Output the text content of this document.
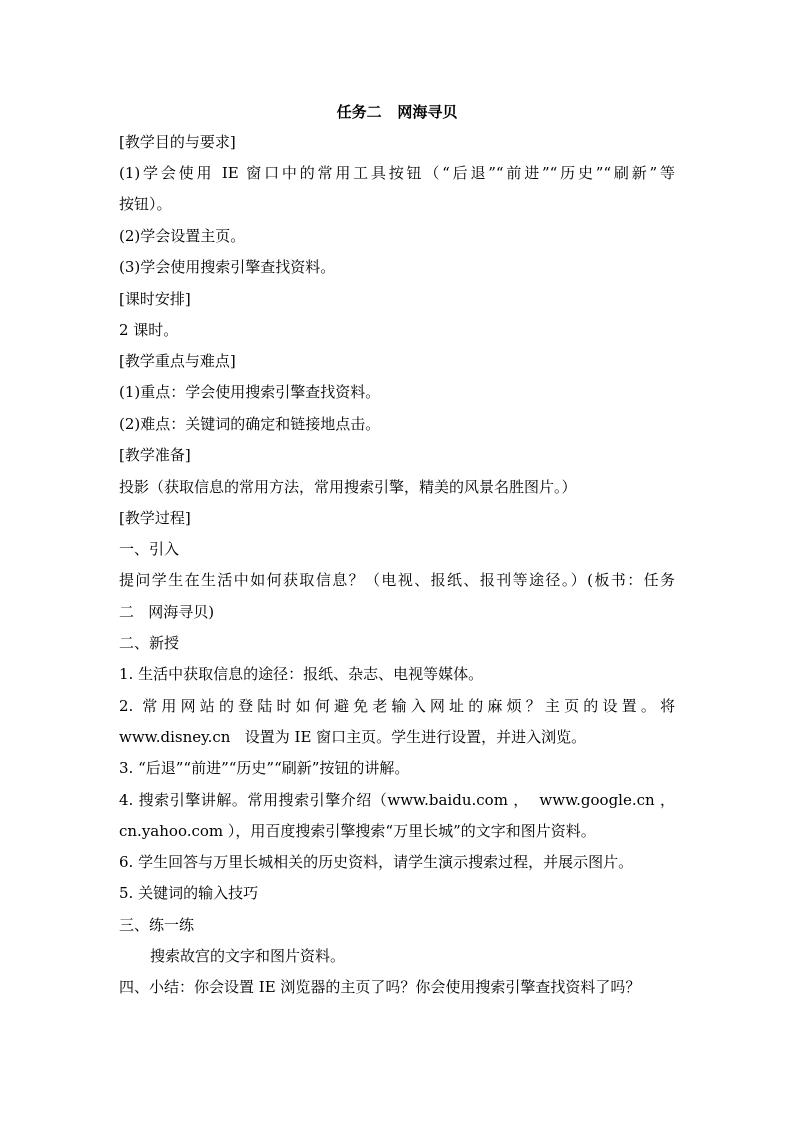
任务二   网海寻贝
[教学目的与要求]
(1)学会使用 IE 窗口中的常用工具按钮（“后退”“前进”“历史”“刷新”等
按钮）。
(2)学会设置主页。
(3)学会使用搜索引擎查找资料。
[课时安排]
2 课时。
[教学重点与难点]
(1)重点：学会使用搜索引擎查找资料。
(2)难点：关键词的确定和链接地点击。
[教学准备]
投影（获取信息的常用方法，常用搜索引擎，精美的风景名胜图片。）
[教学过程]
一、引入
提问学生在生活中如何获取信息？（电视、报纸、报刊等途径。）(板书：任务
二   网海寻贝)
二、新授
1. 生活中获取信息的途径：报纸、杂志、电视等媒体。
2. 常用网站的登陆时如何避免老输入网址的麻烦？主页的设置。将
www.disney.cn   设置为 IE 窗口主页。学生进行设置，并进入浏览。
3. “后退”“前进”“历史”“刷新”按钮的讲解。
4. 搜索引擎讲解。常用搜索引擎介绍（www.baidu.com ，  www.google.cn ，
cn.yahoo.com ），用百度搜索引擎搜索“万里长城”的文字和图片资料。
6. 学生回答与万里长城相关的历史资料，请学生演示搜索过程，并展示图片。
5. 关键词的输入技巧
三、练一练
搜索故宫的文字和图片资料。
四、小结：你会设置 IE 浏览器的主页了吗？你会使用搜索引擎查找资料了吗？
